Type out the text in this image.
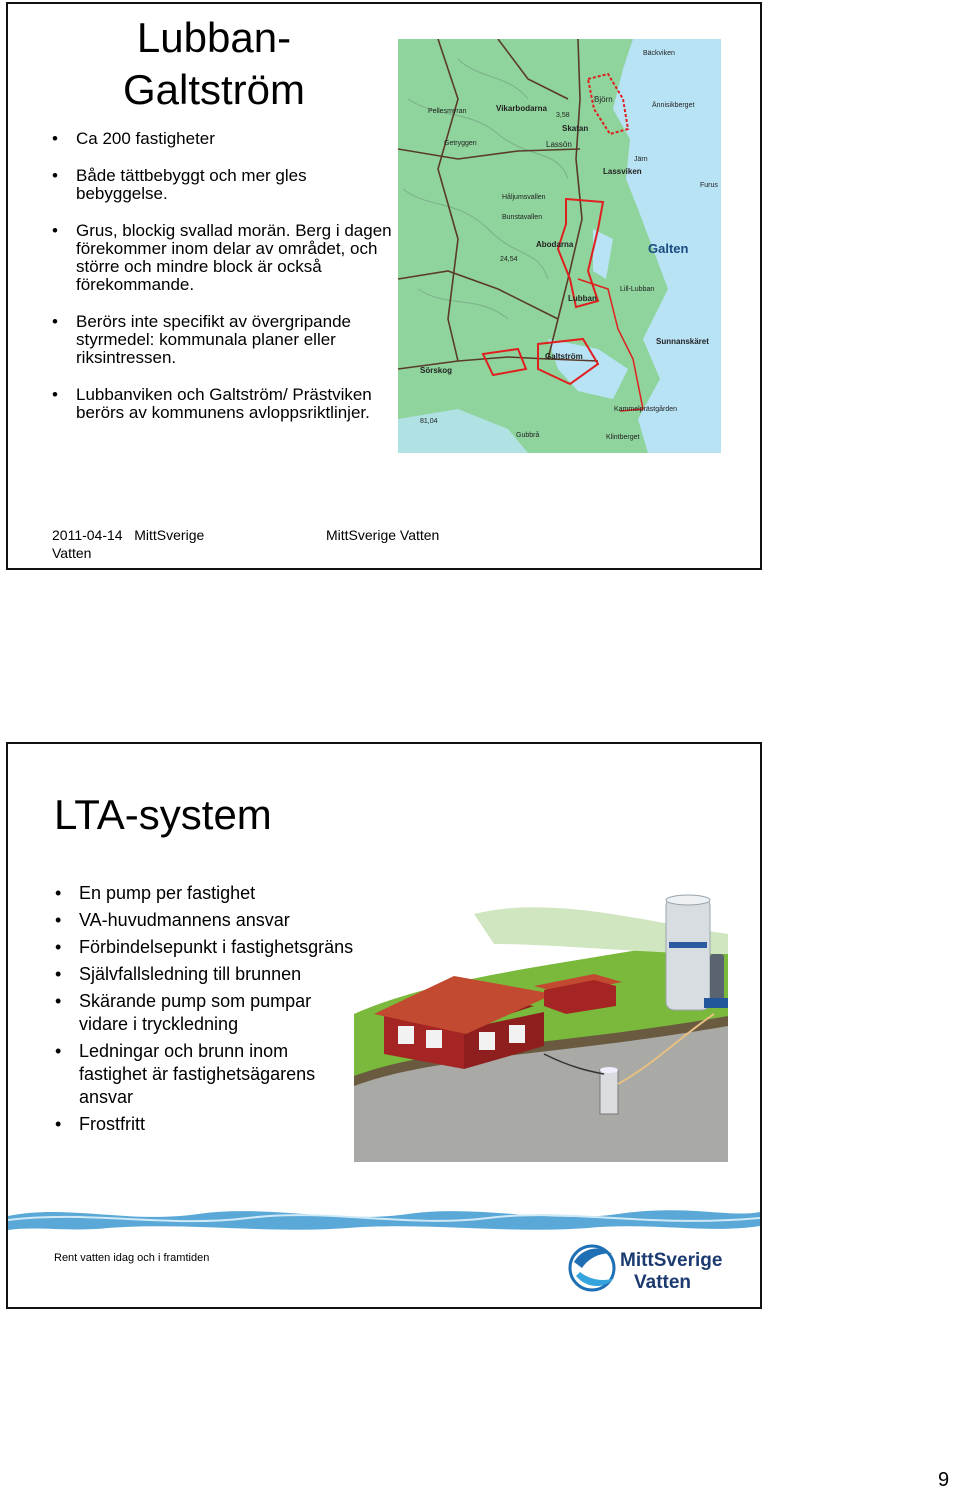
Lubban-
Galtström
• Ca 200 fastigheter
• Både tättbebyggt och mer gles bebyggelse.
• Grus, blockig svallad morän. Berg i dagen förekommer inom delar av området, och större och mindre block är också förekommande.
• Berörs inte specifikt av övergripande styrmedel: kommunala planer eller riksintressen.
• Lubbanviken och Galtström/ Prästviken berörs av kommunens avloppsriktlinjer.
Björn
Vikarbodarna
Skatan
Lassön
Lassviken
Abodarna	Galten
Lubban
Lill-Lubban
Galtström
Sunnanskäret
Sörskog
Getryggen
Pellesmyran
Håljumsvallen
Bunstavallen
Kammelprästgården
Klintberget
Gubbrå
Ännisikberget
Bäckviken
Järn
Furus
3,58
24,54
81,04
2011-04-14 MittSverige Vatten
MittSverige Vatten
LTA-system
• En pump per fastighet
• VA-huvudmannens ansvar
• Förbindelsepunkt i fastighetsgräns
• Självfallsledning till brunnen
• Skärande pump som pumpar vidare i tryckledning
• Ledningar och brunn inom fastighet är fastighetsägarens ansvar
• Frostfritt
Rent vatten idag och i framtiden	MittSverige
Vatten
9
